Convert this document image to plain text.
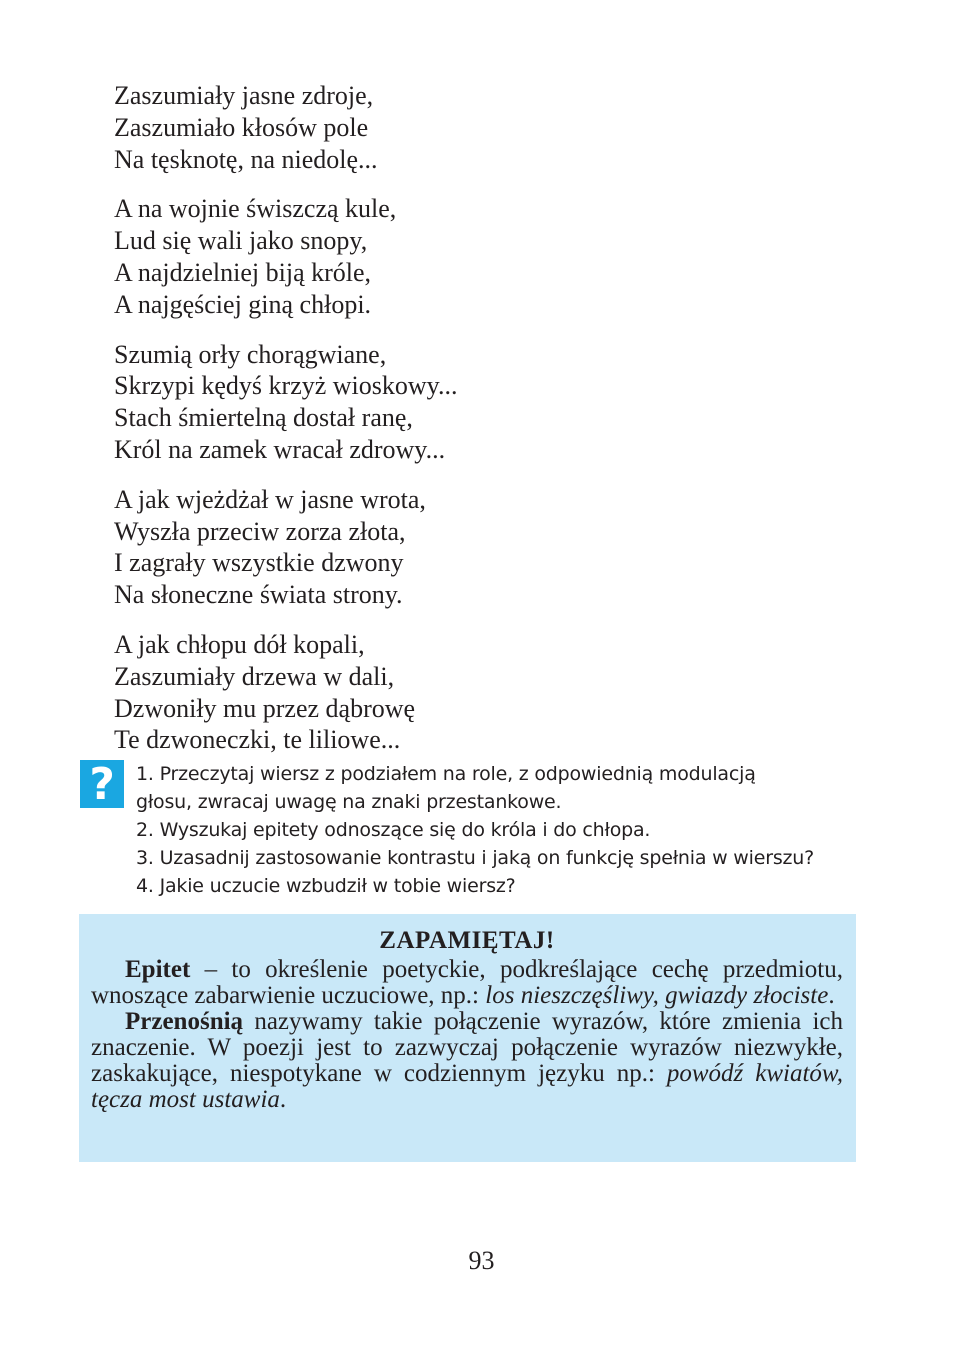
Zaszumiały jasne zdroje,
Zaszumiało kłosów pole
Na tęsknotę, na niedolę...
A na wojnie świszczą kule,
Lud się wali jako snopy,
A najdzielniej biją króle,
A najgęściej giną chłopi.
Szumią orły chorągwiane,
Skrzypi kędyś krzyż wioskowy...
Stach śmiertelną dostał ranę,
Król na zamek wracał zdrowy...
A jak wjeżdżał w jasne wrota,
Wyszła przeciw zorza złota,
I zagrały wszystkie dzwony
Na słoneczne świata strony.
A jak chłopu dół kopali,
Zaszumiały drzewa w dali,
Dzwoniły mu przez dąbrowę
Te dzwoneczki, te liliowe...
?	1. Przeczytaj wiersz z podziałem na role, z odpowiednią modulacją
głosu, zwracaj uwagę na znaki przestankowe.
2. Wyszukaj epitety odnoszące się do króla i do chłopa.
3. Uzasadnij zastosowanie kontrastu i jaką on funkcję spełnia w wierszu?
4. Jakie uczucie wzbudził w tobie wiersz?
ZAPAMIĘTAJ!
Epitet – to określenie poetyckie, podkreślające cechę przedmiotu, wnoszące zabarwienie uczuciowe, np.: los nieszczęśliwy, gwiazdy złociste.
Przenośnią nazywamy takie połączenie wyrazów, które zmienia ich znaczenie. W poezji jest to zazwyczaj połączenie wyrazów niezwykłe, zaskakujące, niespotykane w codziennym języku np.: powódź kwiatów, tęcza most ustawia.
93
